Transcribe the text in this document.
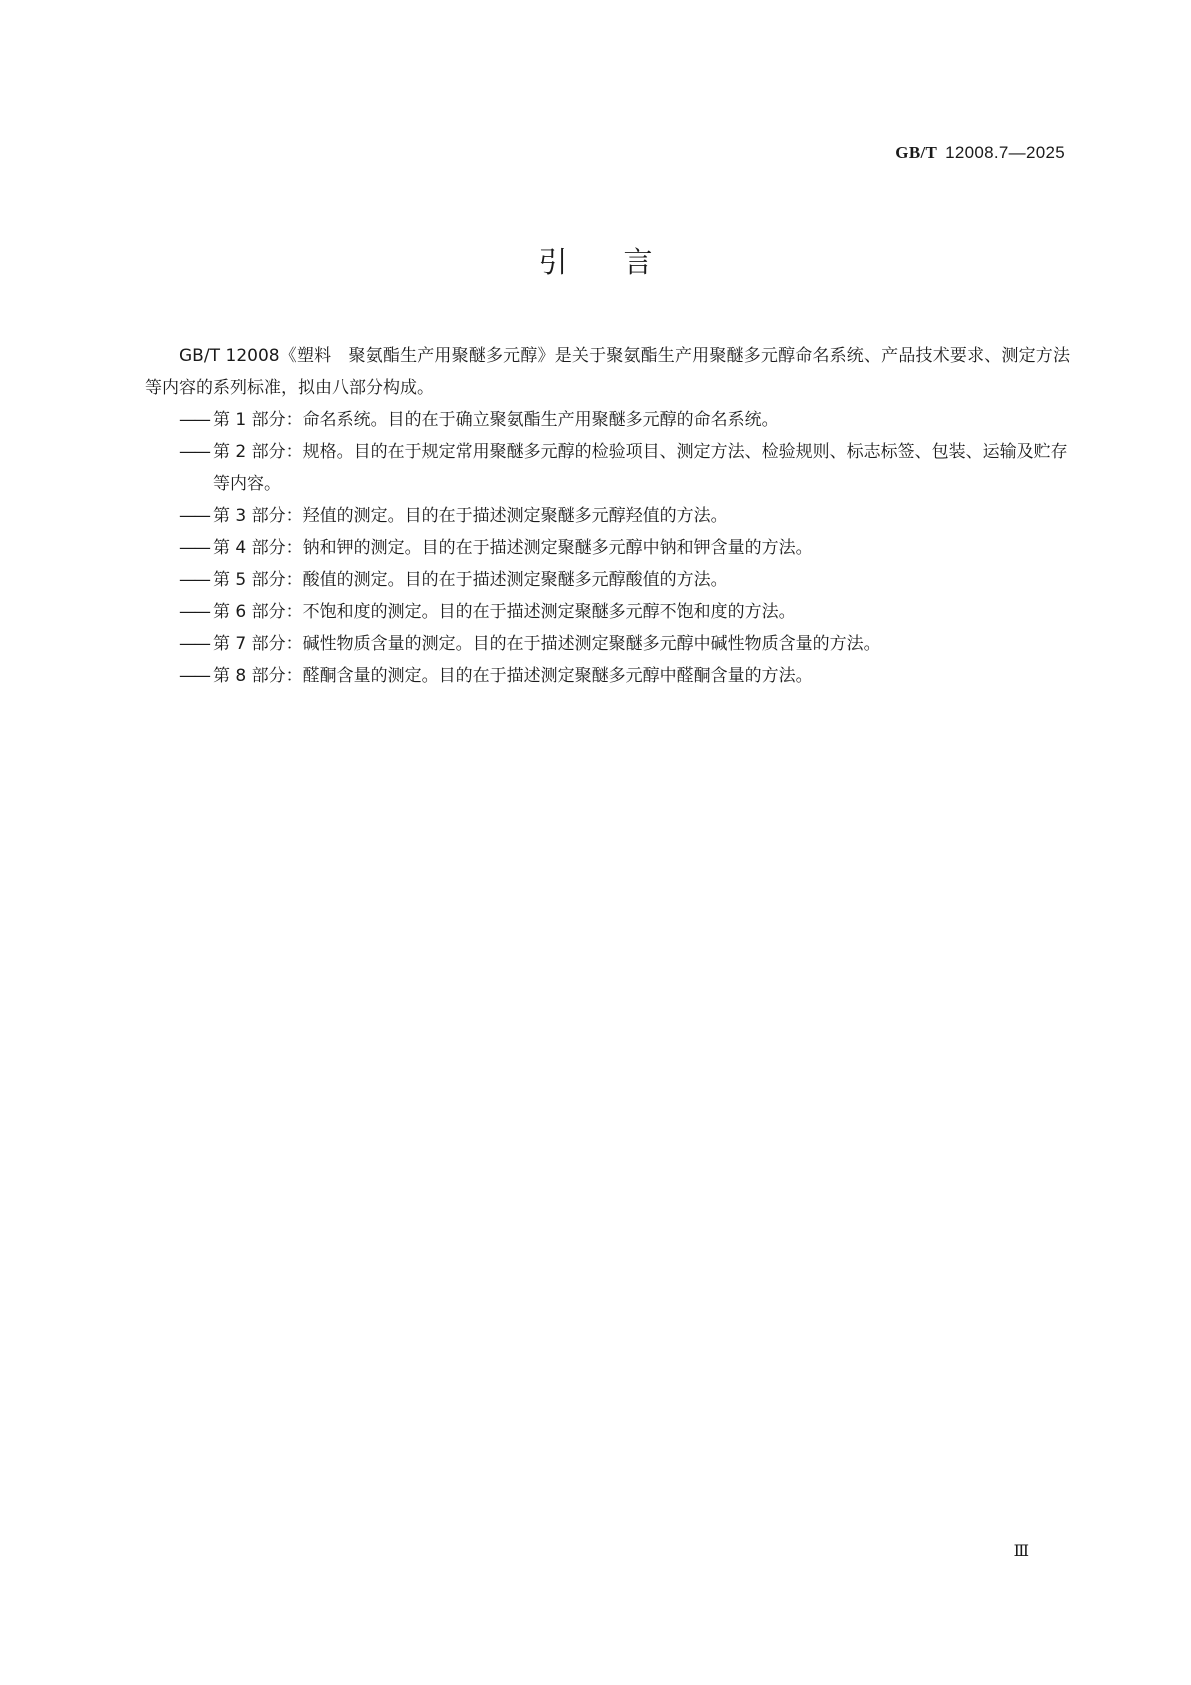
GB/T 12008.7—2025
引言

GB/T 12008《塑料　聚氨酯生产用聚醚多元醇》是关于聚氨酯生产用聚醚多元醇命名系统、产品技术要求、测定方法等内容的系列标准，拟由八部分构成。

—— 第 1 部分：命名系统。目的在于确立聚氨酯生产用聚醚多元醇的命名系统。
—— 第 2 部分：规格。目的在于规定常用聚醚多元醇的检验项目、测定方法、检验规则、标志标签、包装、运输及贮存等内容。
—— 第 3 部分：羟值的测定。目的在于描述测定聚醚多元醇羟值的方法。
—— 第 4 部分：钠和钾的测定。目的在于描述测定聚醚多元醇中钠和钾含量的方法。
—— 第 5 部分：酸值的测定。目的在于描述测定聚醚多元醇酸值的方法。
—— 第 6 部分：不饱和度的测定。目的在于描述测定聚醚多元醇不饱和度的方法。
—— 第 7 部分：碱性物质含量的测定。目的在于描述测定聚醚多元醇中碱性物质含量的方法。
—— 第 8 部分：醛酮含量的测定。目的在于描述测定聚醚多元醇中醛酮含量的方法。
Ⅲ
